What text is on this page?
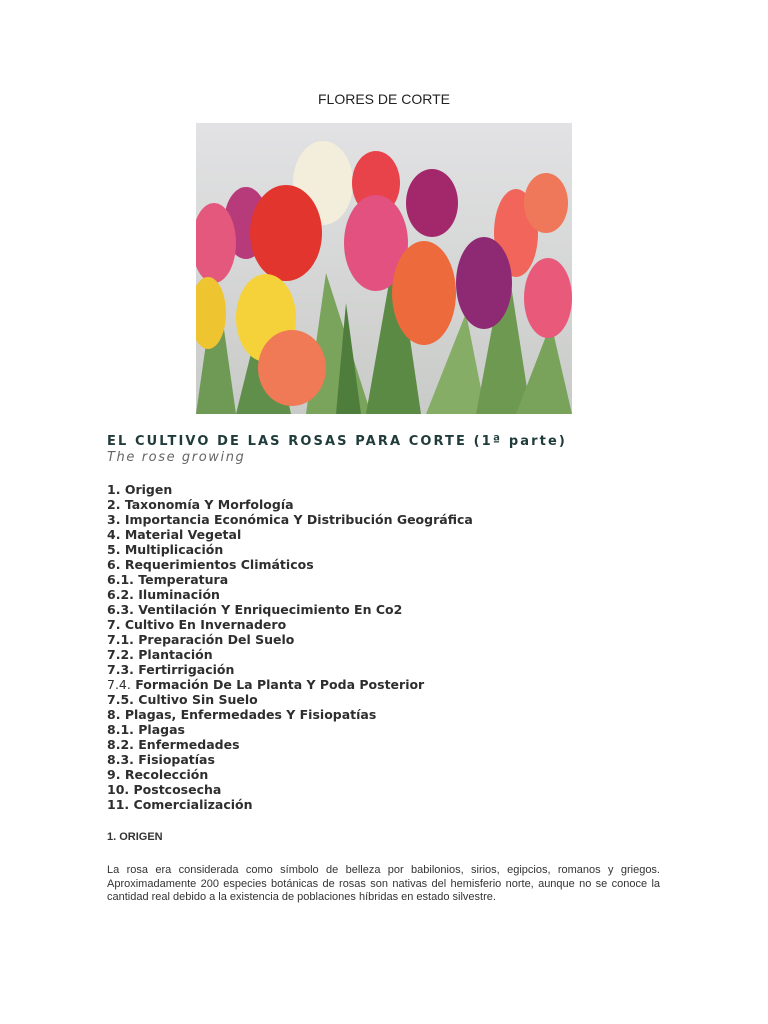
FLORES DE CORTE
EL CULTIVO DE LAS ROSAS PARA CORTE (1ª parte)
The rose growing
1. Origen
2. Taxonomía Y Morfología
3. Importancia Económica Y Distribución Geográfica
4. Material Vegetal
5. Multiplicación
6. Requerimientos Climáticos
6.1. Temperatura
6.2. Iluminación
6.3. Ventilación Y Enriquecimiento En Co2
7. Cultivo En Invernadero
7.1. Preparación Del Suelo
7.2. Plantación
7.3. Fertirrigación
7.4. Formación De La Planta Y Poda Posterior
7.5. Cultivo Sin Suelo
8. Plagas, Enfermedades Y Fisiopatías
8.1. Plagas
8.2. Enfermedades
8.3. Fisiopatías
9. Recolección
10. Postcosecha
11. Comercialización
1. ORIGEN

La rosa era considerada como símbolo de belleza por babilonios, sirios, egipcios, romanos y griegos. Aproximadamente 200 especies botánicas de rosas son nativas del hemisferio norte, aunque no se conoce la cantidad real debido a la existencia de poblaciones híbridas en estado silvestre.
